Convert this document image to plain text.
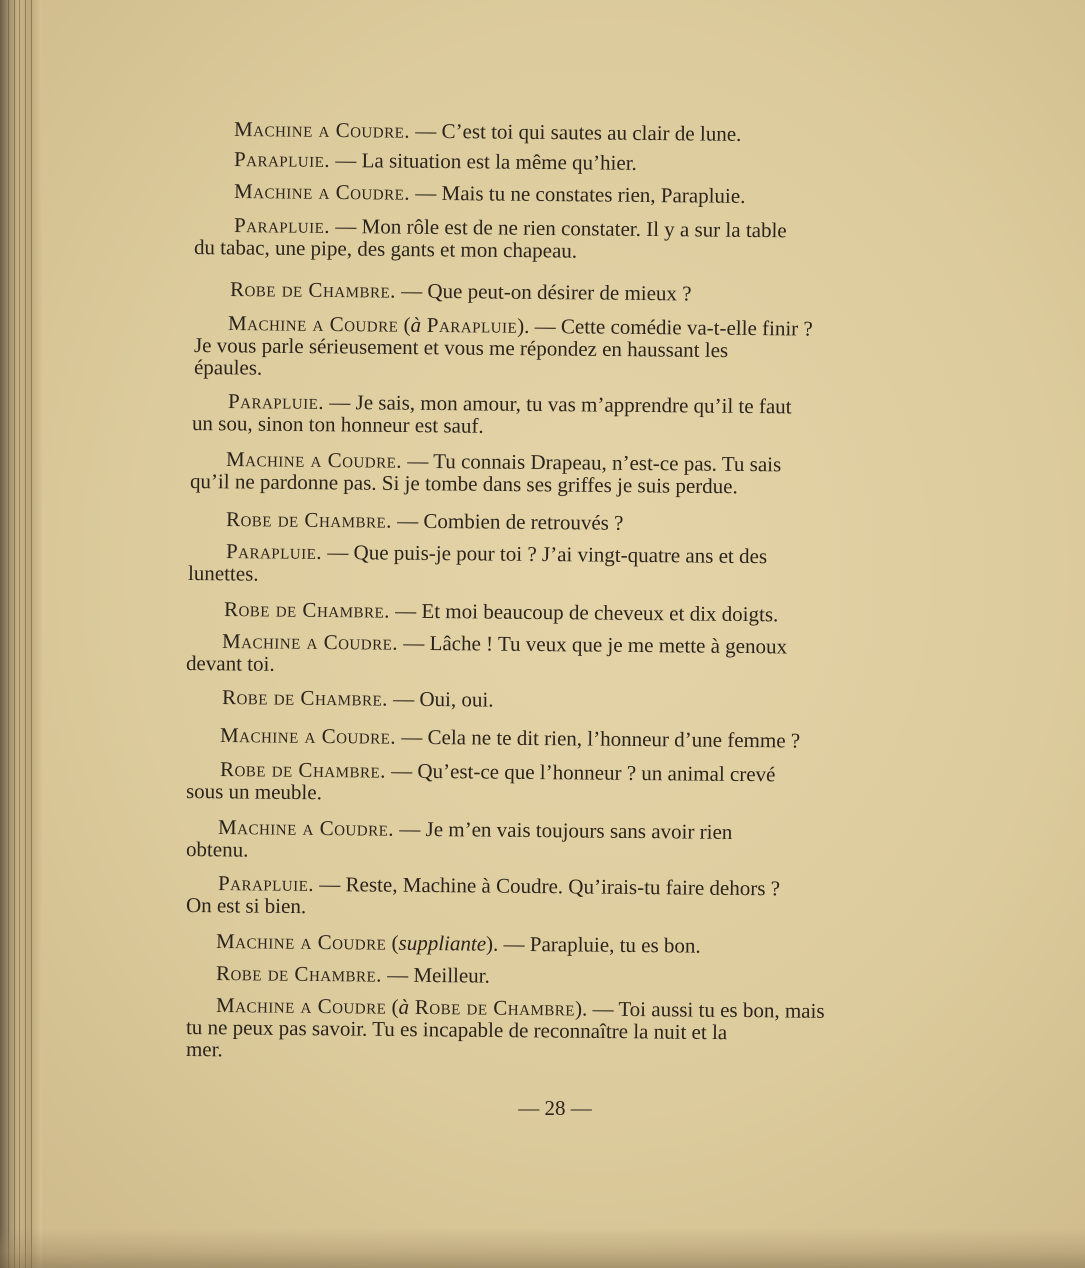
Machine a Coudre. — C’est toi qui sautes au clair de lune.
Parapluie. — La situation est la même qu’hier.
Machine a Coudre. — Mais tu ne constates rien, Parapluie.
Parapluie. — Mon rôle est de ne rien constater. Il y a sur la table
du tabac, une pipe, des gants et mon chapeau.
Robe de Chambre. — Que peut-on désirer de mieux ?
Machine a Coudre (à Parapluie). — Cette comédie va-t-elle finir ?
Je vous parle sérieusement et vous me répondez en haussant les
épaules.
Parapluie. — Je sais, mon amour, tu vas m’apprendre qu’il te faut
un sou, sinon ton honneur est sauf.
Machine a Coudre. — Tu connais Drapeau, n’est-ce pas. Tu sais
qu’il ne pardonne pas. Si je tombe dans ses griffes je suis perdue.
Robe de Chambre. — Combien de retrouvés ?
Parapluie. — Que puis-je pour toi ? J’ai vingt-quatre ans et des
lunettes.
Robe de Chambre. — Et moi beaucoup de cheveux et dix doigts.
Machine a Coudre. — Lâche ! Tu veux que je me mette à genoux
devant toi.
Robe de Chambre. — Oui, oui.
Machine a Coudre. — Cela ne te dit rien, l’honneur d’une femme ?
Robe de Chambre. — Qu’est-ce que l’honneur ? un animal crevé
sous un meuble.
Machine a Coudre. — Je m’en vais toujours sans avoir rien
obtenu.
Parapluie. — Reste, Machine à Coudre. Qu’irais-tu faire dehors ?
On est si bien.
Machine a Coudre (suppliante). — Parapluie, tu es bon.
Robe de Chambre. — Meilleur.
Machine a Coudre (à Robe de Chambre). — Toi aussi tu es bon, mais
tu ne peux pas savoir. Tu es incapable de reconnaître la nuit et la
mer.
— 28 —
